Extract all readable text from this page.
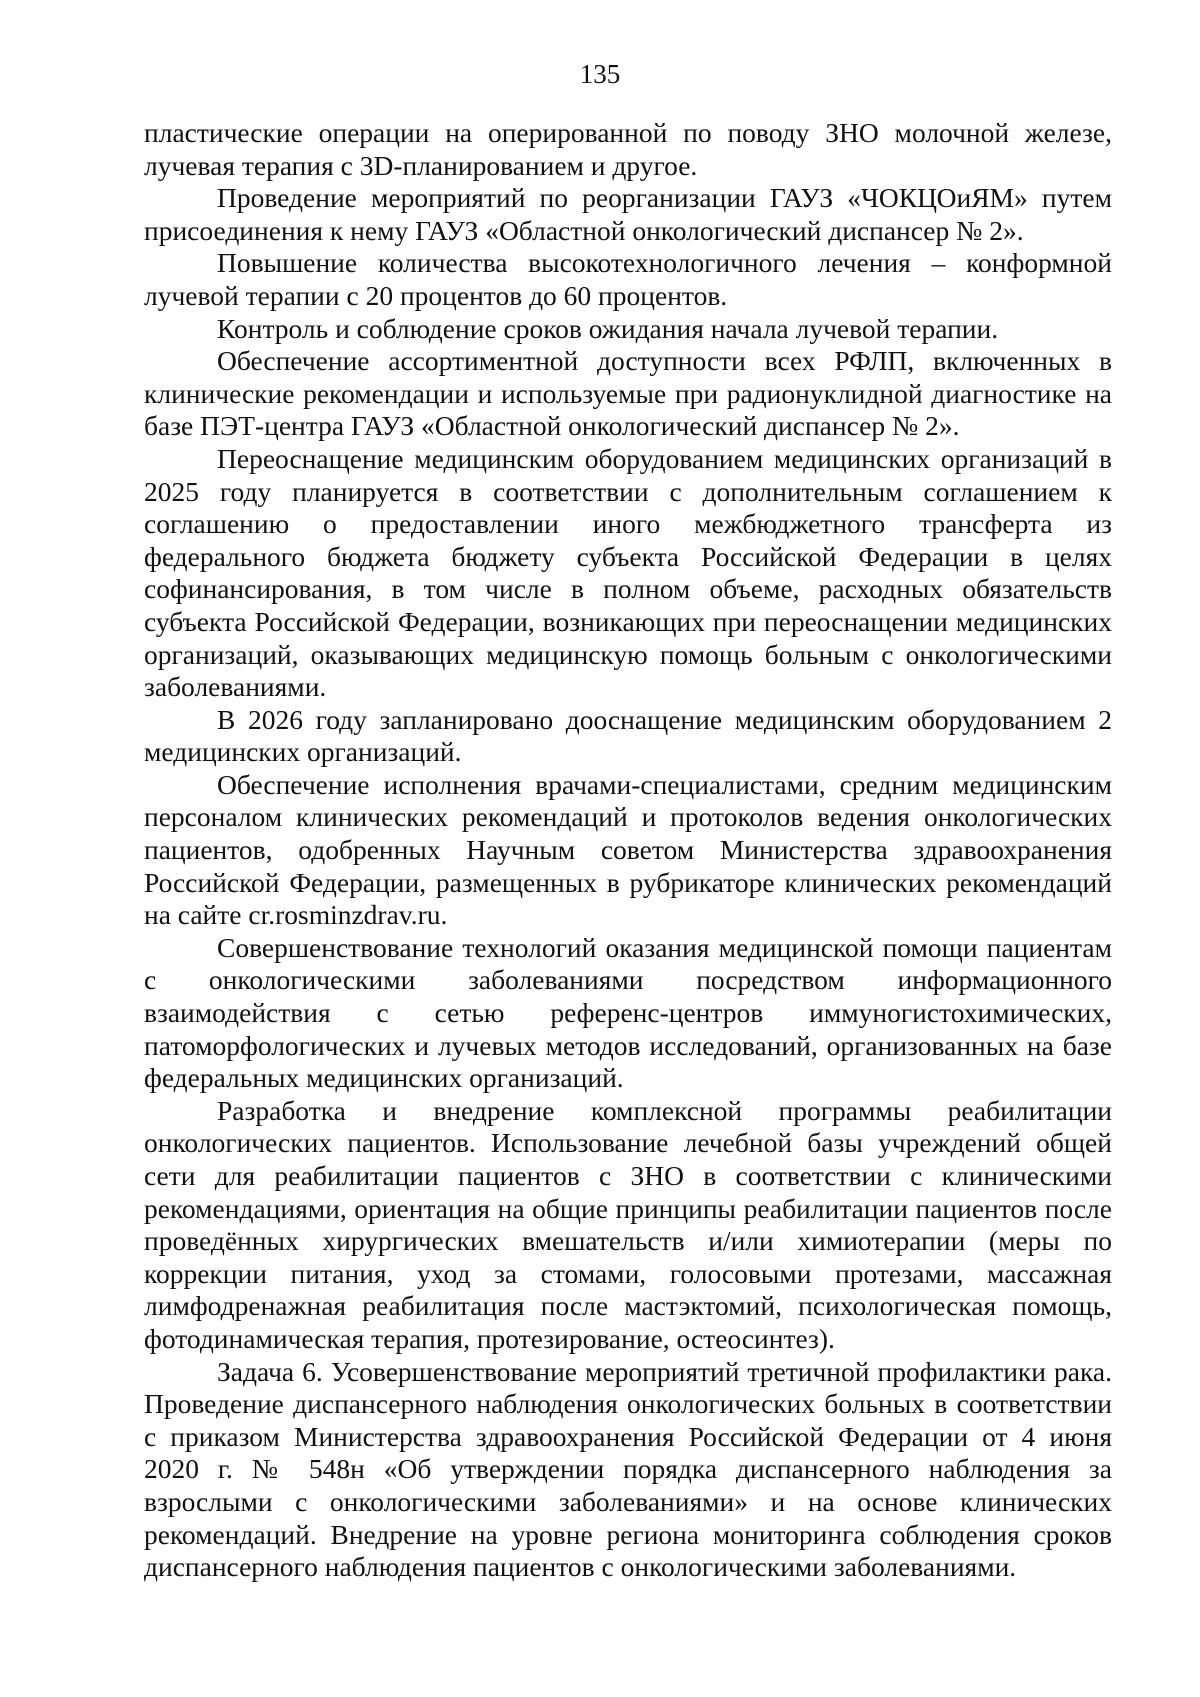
135

пластические операции на оперированной по поводу ЗНО молочной железе, лучевая терапия с 3D-планированием и другое.

Проведение мероприятий по реорганизации ГАУЗ «ЧОКЦОиЯМ» путем присоединения к нему ГАУЗ «Областной онкологический диспансер № 2».

Повышение количества высокотехнологичного лечения – конформной лучевой терапии с 20 процентов до 60 процентов.

Контроль и соблюдение сроков ожидания начала лучевой терапии.

Обеспечение ассортиментной доступности всех РФЛП, включенных в клинические рекомендации и используемые при радионуклидной диагностике на базе ПЭТ-центра ГАУЗ «Областной онкологический диспансер № 2».

Переоснащение медицинским оборудованием медицинских организаций в 2025 году планируется в соответствии с дополнительным соглашением к соглашению о предоставлении иного межбюджетного трансферта из федерального бюджета бюджету субъекта Российской Федерации в целях софинансирования, в том числе в полном объеме, расходных обязательств субъекта Российской Федерации, возникающих при переоснащении медицинских организаций, оказывающих медицинскую помощь больным с онкологическими заболеваниями.

В 2026 году запланировано дооснащение медицинским оборудованием 2 медицинских организаций.

Обеспечение исполнения врачами-специалистами, средним медицинским персоналом клинических рекомендаций и протоколов ведения онкологических пациентов, одобренных Научным советом Министерства здравоохранения Российской Федерации, размещенных в рубрикаторе клинических рекомендаций на сайте cr.rosminzdrav.ru.

Совершенствование технологий оказания медицинской помощи пациентам с онкологическими заболеваниями посредством информационного взаимодействия с сетью референс-центров иммуногистохимических, патоморфологических и лучевых методов исследований, организованных на базе федеральных медицинских организаций.

Разработка и внедрение комплексной программы реабилитации онкологических пациентов. Использование лечебной базы учреждений общей сети для реабилитации пациентов с ЗНО в соответствии с клиническими рекомендациями, ориентация на общие принципы реабилитации пациентов после проведённых хирургических вмешательств и/или химиотерапии (меры по коррекции питания, уход за стомами, голосовыми протезами, массажная лимфодренажная реабилитация после мастэктомий, психологическая помощь, фотодинамическая терапия, протезирование, остеосинтез).

Задача 6. Усовершенствование мероприятий третичной профилактики рака. Проведение диспансерного наблюдения онкологических больных в соответствии с приказом Министерства здравоохранения Российской Федерации от 4 июня 2020 г. № 548н «Об утверждении порядка диспансерного наблюдения за взрослыми с онкологическими заболеваниями» и на основе клинических рекомендаций. Внедрение на уровне региона мониторинга соблюдения сроков диспансерного наблюдения пациентов с онкологическими заболеваниями.
